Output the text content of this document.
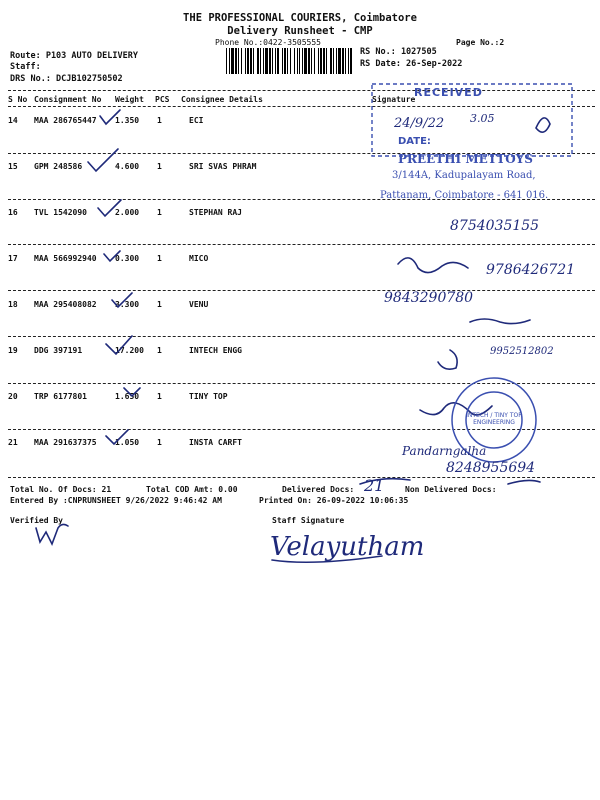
THE PROFESSIONAL COURIERS, Coimbatore
Delivery Runsheet - CMP
Phone No.:0422-3505555	Page No.:2
RS No.: 1027505
RS Date: 26-Sep-2022
Route: P103 AUTO DELIVERY
Staff:
DRS No.: DCJB102750502
S No Consignment No Weight PCS Consignee Details	Signature
14 MAA 286765447 1.350 1	ECI
15 GPM 248586	4.600 1	SRI SVAS PHRAM
16 TVL 1542090	2.000 1	STEPHAN RAJ
17 MAA 566992940 0.300 1	MICO
18 MAA 295408082 3.300 1	VENU
19 DDG 397191	17.200 1	INTECH ENGG
20 TRP 6177801	1.650 1	TINY TOP
21 MAA 291637375 1.050 1	INSTA CARFT
Total No. Of Docs: 21	Total COD Amt: 0.00	Delivered Docs:	Non Delivered Docs:
Entered By :CNPRUNSHEET 9/26/2022 9:46:42 AM	Printed On: 26-09-2022 10:06:35
Verified By	Staff Signature
RECEIVED
DATE:
24/9/22 3.05
PREETHI METTOYS
3/144A, Kadupalayam Road,
Pattanam, Coimbatore - 641 016.
8754035155
9786426721
9843290780
9952512802
Pandarngalha
8248955694
21
INTECH / TINY TOP ENGINEERING
Velayutham
